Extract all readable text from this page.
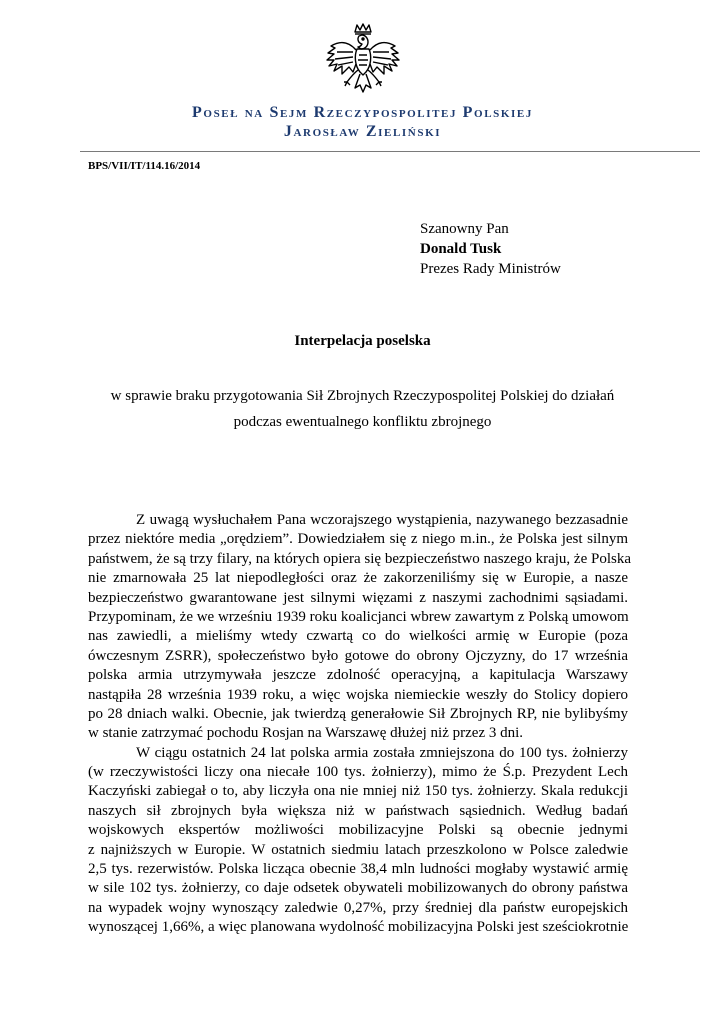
Poseł na Sejm Rzeczypospolitej Polskiej
Jarosław Zieliński
BPS/VII/IT/114.16/2014
Szanowny Pan
Donald Tusk
Prezes Rady Ministrów
Interpelacja poselska
w sprawie braku przygotowania Sił Zbrojnych Rzeczypospolitej Polskiej do działań
podczas ewentualnego konfliktu zbrojnego
Z uwagą wysłuchałem Pana wczorajszego wystąpienia, nazywanego bezzasadnie
przez niektóre media „orędziem”. Dowiedziałem się z niego m.in., że Polska jest silnym
państwem, że są trzy filary, na których opiera się bezpieczeństwo naszego kraju, że Polska
nie zmarnowała 25 lat niepodległości oraz że zakorzeniliśmy się w Europie, a nasze
bezpieczeństwo gwarantowane jest silnymi więzami z naszymi zachodnimi sąsiadami.
Przypominam, że we wrześniu 1939 roku koalicjanci wbrew zawartym z Polską umowom
nas zawiedli, a mieliśmy wtedy czwartą co do wielkości armię w Europie (poza
ówczesnym ZSRR), społeczeństwo było gotowe do obrony Ojczyzny, do 17 września
polska armia utrzymywała jeszcze zdolność operacyjną, a kapitulacja Warszawy
nastąpiła 28 września 1939 roku, a więc wojska niemieckie weszły do Stolicy dopiero
po 28 dniach walki. Obecnie, jak twierdzą generałowie Sił Zbrojnych RP, nie bylibyśmy
w stanie zatrzymać pochodu Rosjan na Warszawę dłużej niż przez 3 dni.
W ciągu ostatnich 24 lat polska armia została zmniejszona do 100 tys. żołnierzy
(w rzeczywistości liczy ona niecałe 100 tys. żołnierzy), mimo że Ś.p. Prezydent Lech
Kaczyński zabiegał o to, aby liczyła ona nie mniej niż 150 tys. żołnierzy. Skala redukcji
naszych sił zbrojnych była większa niż w państwach sąsiednich. Według badań
wojskowych ekspertów możliwości mobilizacyjne Polski są obecnie jednymi
z najniższych w Europie. W ostatnich siedmiu latach przeszkolono w Polsce zaledwie
2,5 tys. rezerwistów. Polska licząca obecnie 38,4 mln ludności mogłaby wystawić armię
w sile 102 tys. żołnierzy, co daje odsetek obywateli mobilizowanych do obrony państwa
na wypadek wojny wynoszący zaledwie 0,27%, przy średniej dla państw europejskich
wynoszącej 1,66%, a więc planowana wydolność mobilizacyjna Polski jest sześciokrotnie
